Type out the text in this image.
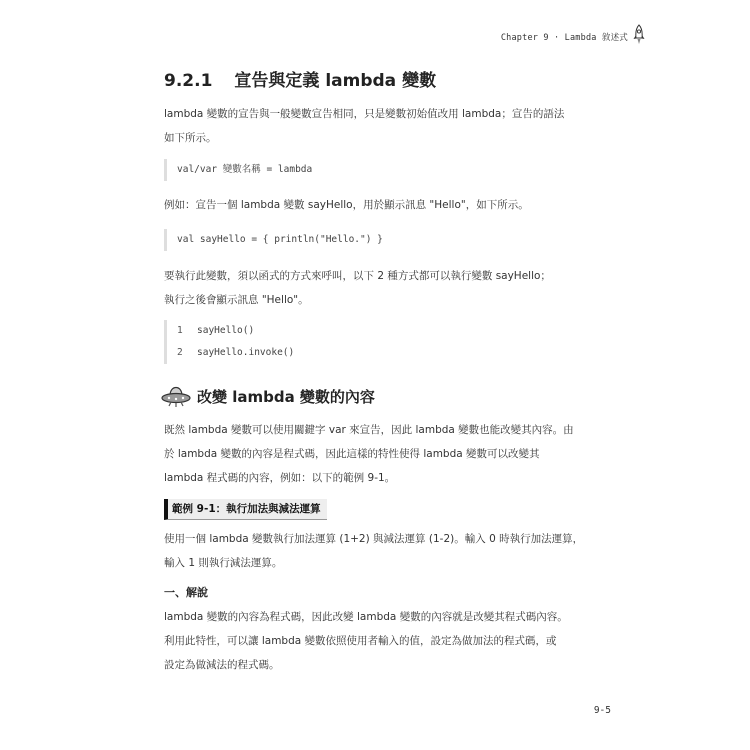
Chapter 9 · Lambda 敘述式
9.2.1 宣告與定義 lambda 變數

lambda 變數的宣告與一般變數宣告相同，只是變數初始值改用 lambda；宣告的語法
如下所示。

val/var 變數名稱 = lambda

例如：宣告一個 lambda 變數 sayHello，用於顯示訊息 "Hello"，如下所示。

val sayHello = { println("Hello.") }

要執行此變數，須以函式的方式來呼叫，以下 2 種方式都可以執行變數 sayHello；
執行之後會顯示訊息 "Hello"。

1 sayHello()
2 sayHello.invoke()
改變 lambda 變數的內容

既然 lambda 變數可以使用關鍵字 var 來宣告，因此 lambda 變數也能改變其內容。由
於 lambda 變數的內容是程式碼，因此這樣的特性使得 lambda 變數可以改變其
lambda 程式碼的內容，例如：以下的範例 9-1。

範例 9-1：執行加法與減法運算

使用一個 lambda 變數執行加法運算 (1+2) 與減法運算 (1-2)。輸入 0 時執行加法運算，
輸入 1 則執行減法運算。

一、解說

lambda 變數的內容為程式碼，因此改變 lambda 變數的內容就是改變其程式碼內容。
利用此特性，可以讓 lambda 變數依照使用者輸入的值，設定為做加法的程式碼，或
設定為做減法的程式碼。

9-5
